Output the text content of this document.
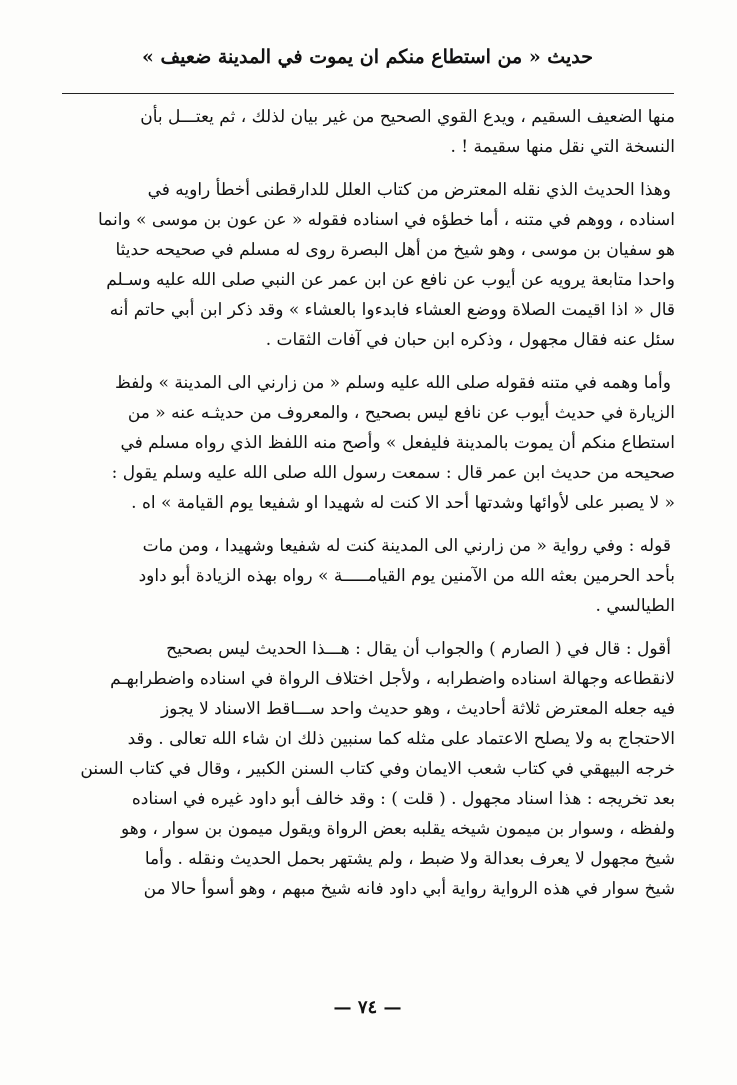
حديث « من استطاع منكم ان يموت في المدينة ضعيف »
منها الضعيف السقيم ، ويدع القوي الصحيح من غير بيان لذلك ، ثم يعتـــل بأن
النسخة التي نقل منها سقيمة ! .
وهذا الحديث الذي نقله المعترض من كتاب العلل للدارقطنى أخطأ راويه في
اسناده ، ووهم في متنه ، أما خطؤه في اسناده فقوله « عن عون بن موسى » وانما
هو سفيان بن موسى ، وهو شيخ من أهل البصرة روى له مسلم في صحيحه حديثا
واحدا متابعة يرويه عن أيوب عن نافع عن ابن عمر عن النبي صلى الله عليه وسـلم
قال « اذا اقيمت الصلاة ووضع العشاء فابدءوا بالعشاء » وقد ذكر ابن أبي حاتم أنه
سئل عنه فقال مجهول ، وذكره ابن حبان في آفات الثقات .
وأما وهمه في متنه فقوله صلى الله عليه وسلم « من زارني الى المدينة » ولفظ
الزيارة في حديث أيوب عن نافع ليس بصحيح ، والمعروف من حديثـه عنه « من
استطاع منكم أن يموت بالمدينة فليفعل » وأصح منه اللفظ الذي رواه مسلم في
صحيحه من حديث ابن عمر قال : سمعت رسول الله صلى الله عليه وسلم يقول :
« لا يصبر على لأوائها وشدتها أحد الا كنت له شهيدا او شفيعا يوم القيامة » اه .
قوله : وفي رواية « من زارني الى المدينة كنت له شفيعا وشهيدا ، ومن مات
بأحد الحرمين بعثه الله من الآمنين يوم القيامـــــة » رواه بهذه الزيادة أبو داود
الطيالسي .
أقول : قال في ( الصارم ) والجواب أن يقال : هـــذا الحديث ليس بصحيح
لانقطاعه وجهالة اسناده واضطرابه ، ولأجل اختلاف الرواة في اسناده واضطرابهـم
فيه جعله المعترض ثلاثة أحاديث ، وهو حديث واحد ســـاقط الاسناد لا يجوز
الاحتجاج به ولا يصلح الاعتماد على مثله كما سنبين ذلك ان شاء الله تعالى . وقد
خرجه البيهقي في كتاب شعب الايمان وفي كتاب السنن الكبير ، وقال في كتاب السنن
بعد تخريجه : هذا اسناد مجهول . ( قلت ) : وقد خالف أبو داود غيره في اسناده
ولفظه ، وسوار بن ميمون شيخه يقلبه بعض الرواة ويقول ميمون بن سوار ، وهو
شيخ مجهول لا يعرف بعدالة ولا ضبط ، ولم يشتهر بحمل الحديث ونقله . وأما
شيخ سوار في هذه الرواية رواية أبي داود فانه شيخ مبهم ، وهو أسوأ حالا من
— ٧٤ —
